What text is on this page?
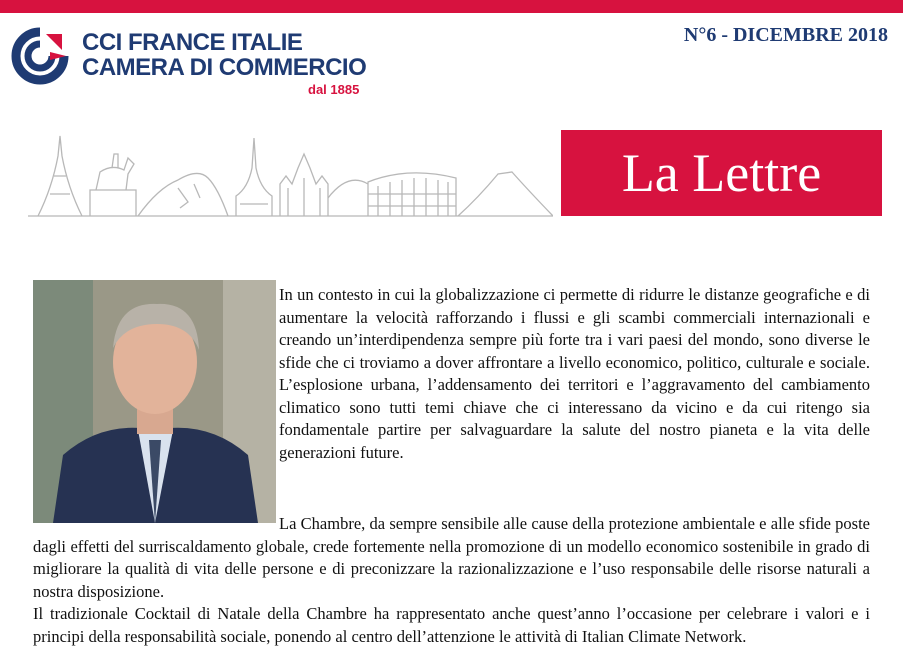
CCI FRANCE ITALIE
CAMERA DI COMMERCIO
dal 1885
N°6 - DICEMBRE 2018
La Lettre

In un contesto in cui la globalizzazione ci permette di ridurre le distanze geografiche e di aumentare la velocità rafforzando i flussi e gli scambi commerciali internazionali e creando un’interdipendenza sempre più forte tra i vari paesi del mondo, sono diverse le sfide che ci troviamo a dover affrontare a livello economico, politico, culturale e sociale. L’esplosione urbana, l’addensamento dei territori e l’aggravamento del cambiamento climatico sono tutti temi chiave che ci interessano da vicino e da cui ritengo sia fondamentale partire per salvaguardare la salute del nostro pianeta e la vita delle generazioni future.

La Chambre, da sempre sensibile alle cause della protezione ambientale e alle sfide poste dagli effetti del surriscaldamento globale, crede fortemente nella promozione di un modello economico sostenibile in grado di migliorare la qualità di vita delle persone e di preconizzare la razionalizzazione e l’uso responsabile delle risorse naturali a nostra disposizione.

Il tradizionale Cocktail di Natale della Chambre ha rappresentato anche quest’anno l’occasione per celebrare i valori e i principi della responsabilità sociale, ponendo al centro dell’attenzione le attività di Italian Climate Network.
